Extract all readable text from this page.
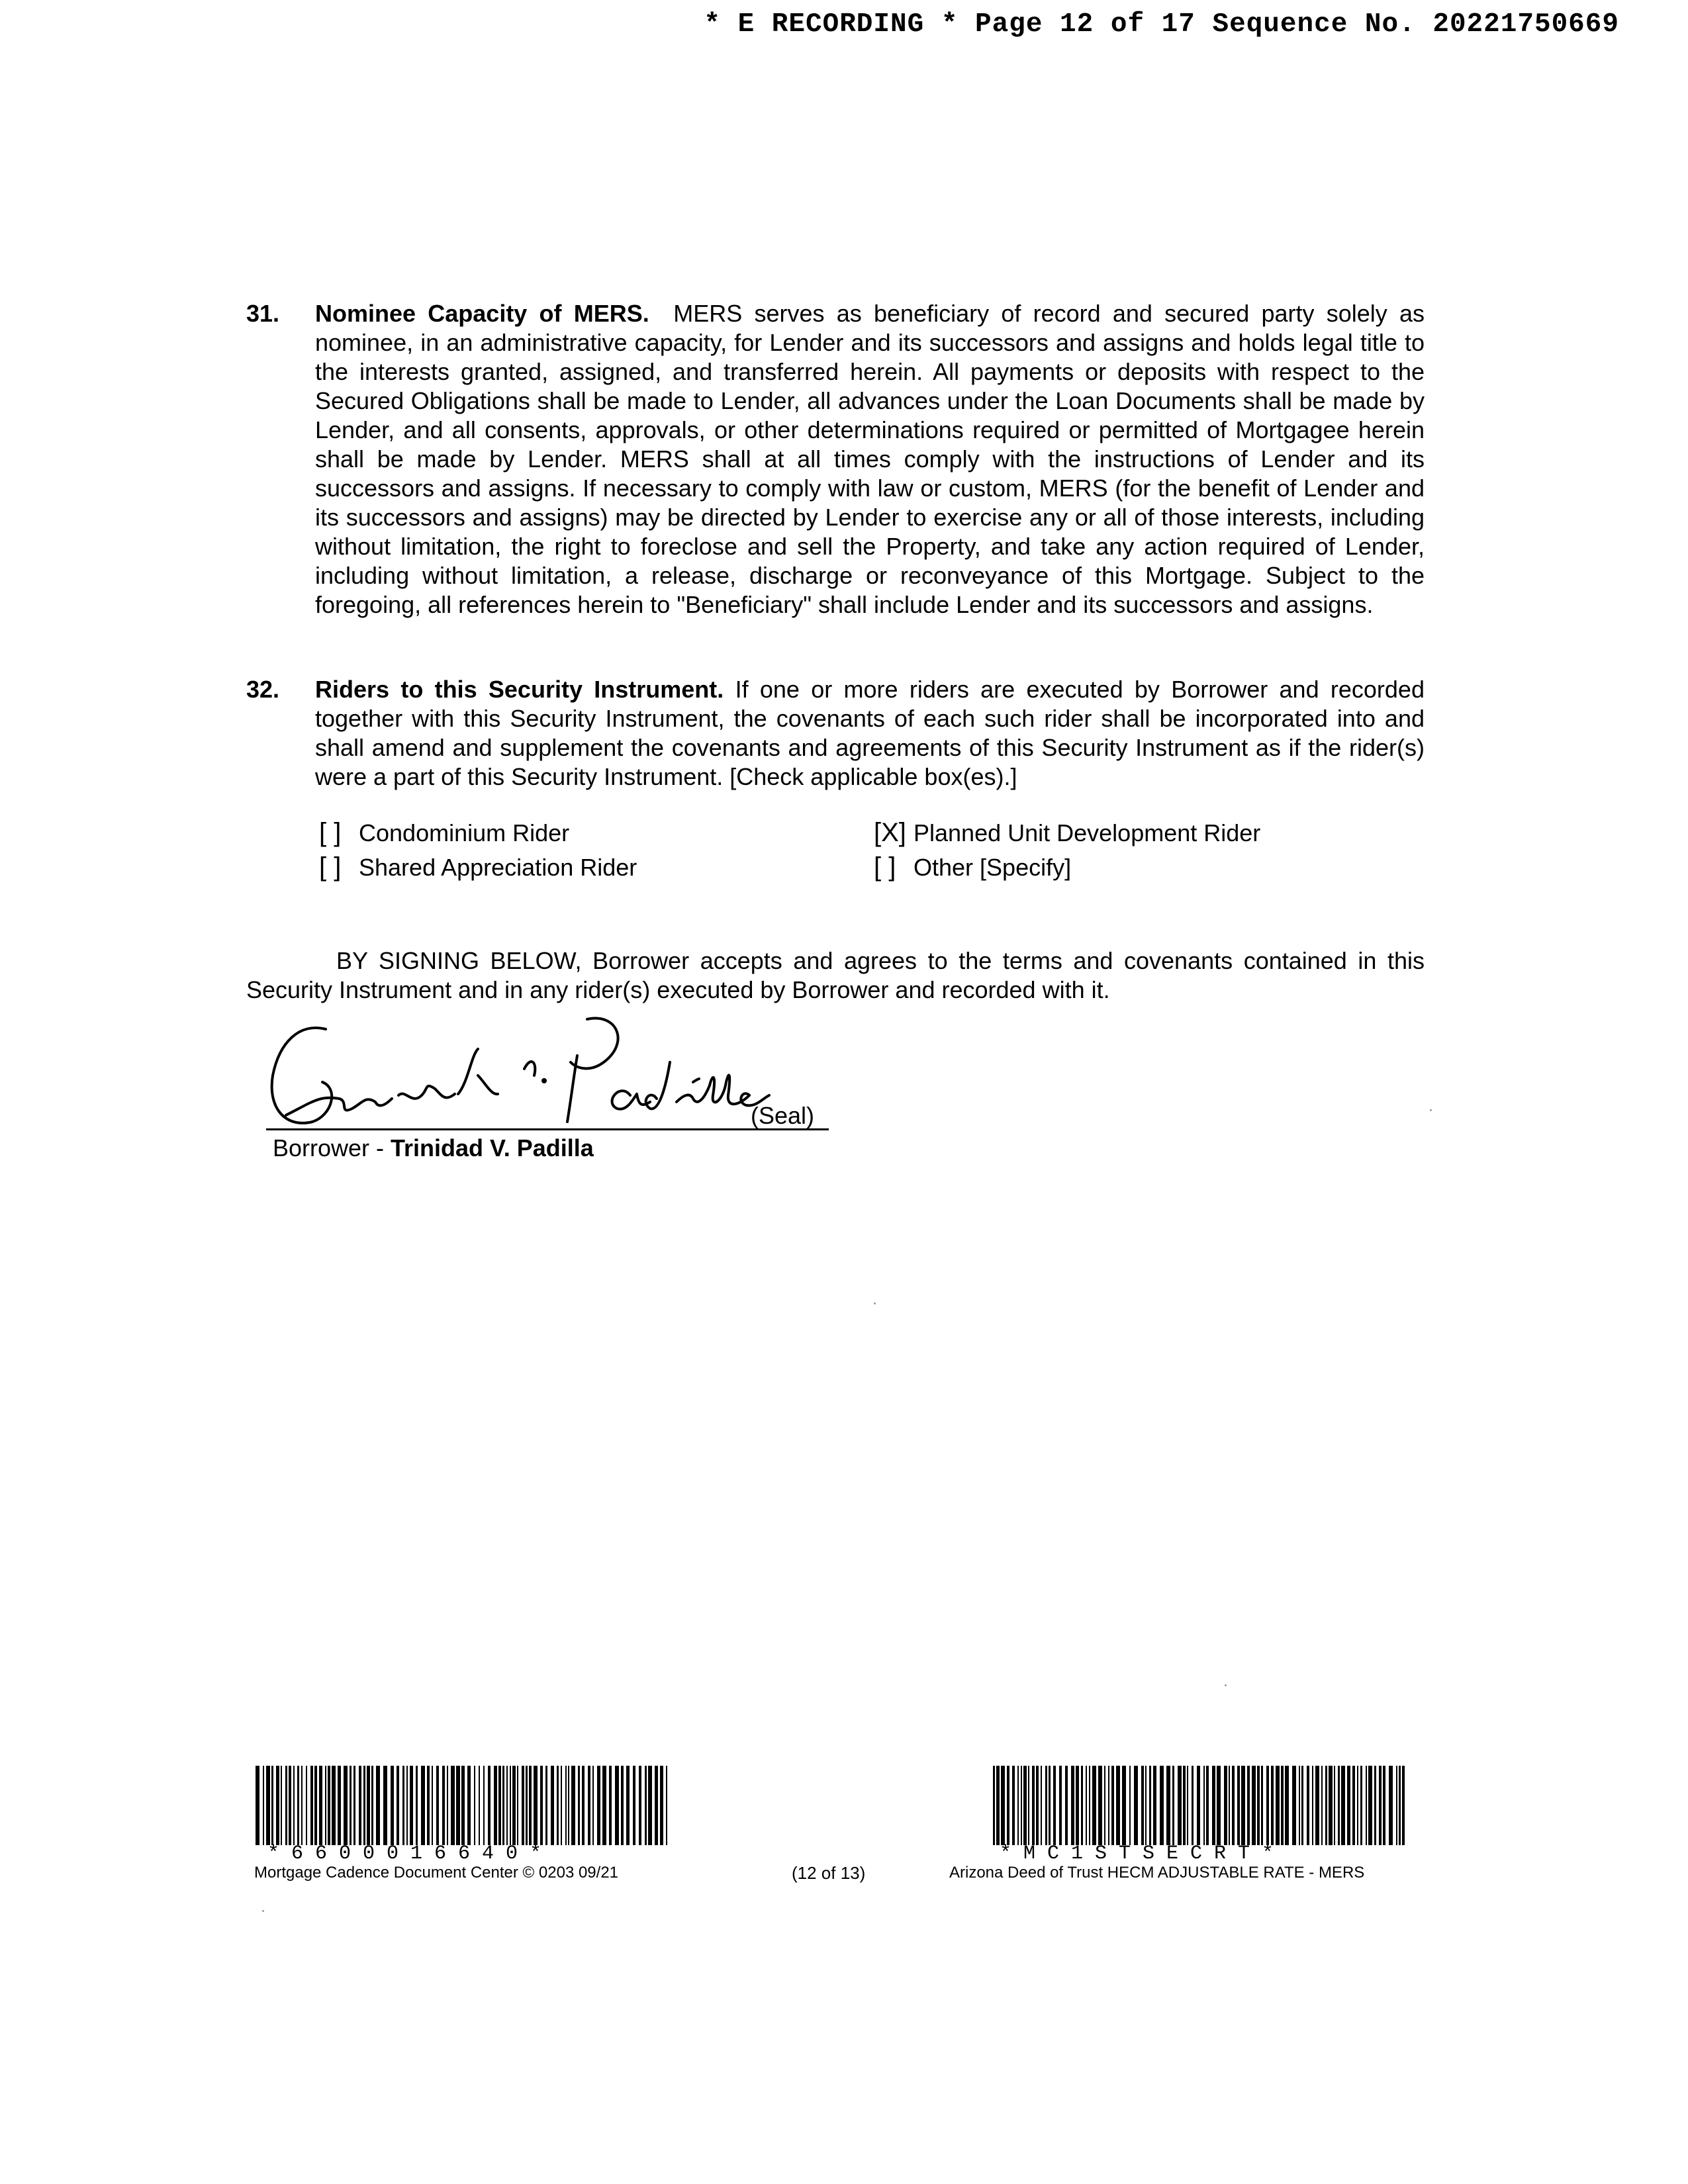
* E RECORDING * Page 12 of 17 Sequence No. 20221750669
31. Nominee Capacity of MERS. MERS serves as beneficiary of record and secured party solely as nominee, in an administrative capacity, for Lender and its successors and assigns and holds legal title to the interests granted, assigned, and transferred herein. All payments or deposits with respect to the Secured Obligations shall be made to Lender, all advances under the Loan Documents shall be made by Lender, and all consents, approvals, or other determinations required or permitted of Mortgagee herein shall be made by Lender. MERS shall at all times comply with the instructions of Lender and its successors and assigns. If necessary to comply with law or custom, MERS (for the benefit of Lender and its successors and assigns) may be directed by Lender to exercise any or all of those interests, including without limitation, the right to foreclose and sell the Property, and take any action required of Lender, including without limitation, a release, discharge or reconveyance of this Mortgage. Subject to the foregoing, all references herein to "Beneficiary" shall include Lender and its successors and assigns.
32. Riders to this Security Instrument. If one or more riders are executed by Borrower and recorded together with this Security Instrument, the covenants of each such rider shall be incorporated into and shall amend and supplement the covenants and agreements of this Security Instrument as if the rider(s) were a part of this Security Instrument. [Check applicable box(es).]
[ ] Condominium Rider	[X] Planned Unit Development Rider
[ ] Shared Appreciation Rider	[ ] Other [Specify]
BY SIGNING BELOW, Borrower accepts and agrees to the terms and covenants contained in this Security Instrument and in any rider(s) executed by Borrower and recorded with it.
(Seal)
Borrower - Trinidad V. Padilla
*6600016640*
Mortgage Cadence Document Center © 0203 09/21	(12 of 13)
*MC1STSECRT*
Arizona Deed of Trust HECM ADJUSTABLE RATE - MERS
